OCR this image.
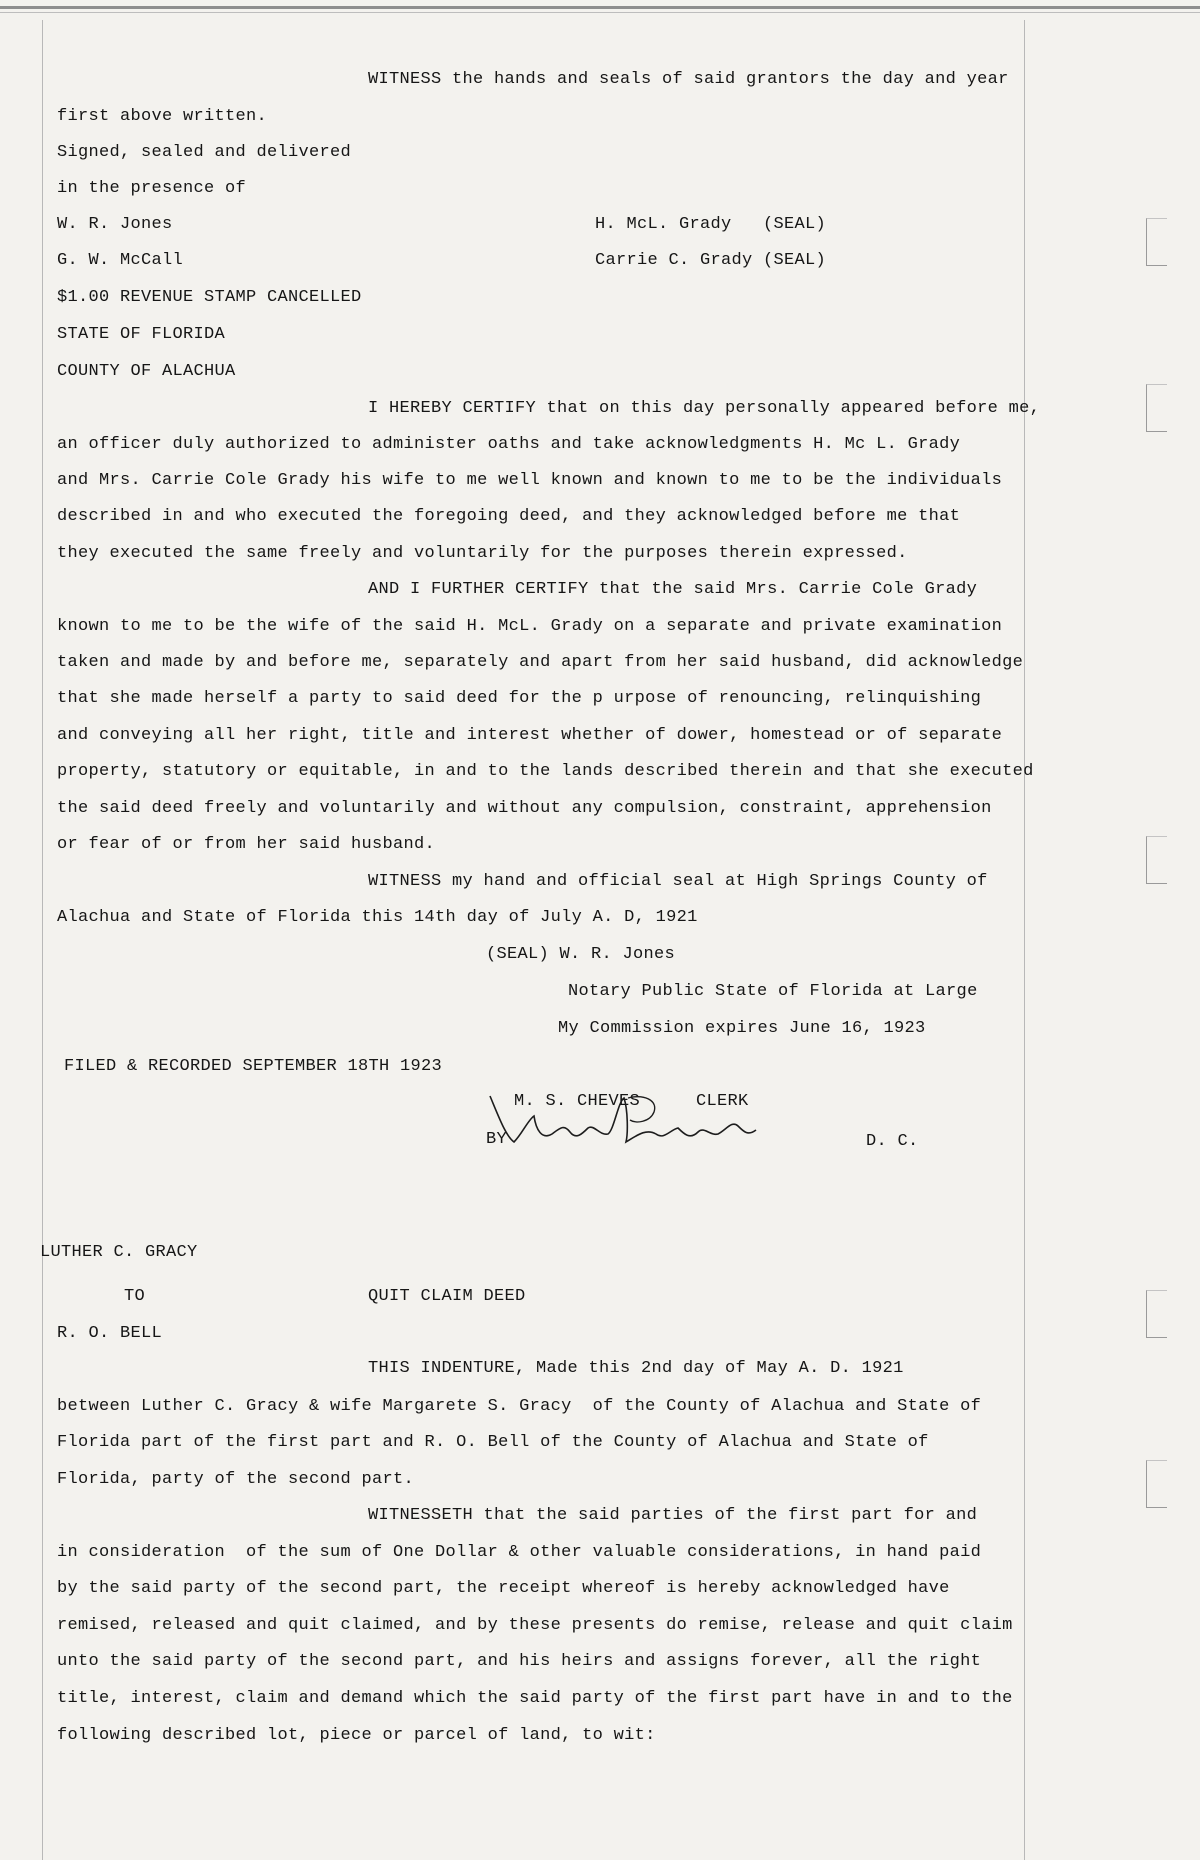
WITNESS the hands and seals of said grantors the day and year
first above written.
Signed, sealed and delivered
in the presence of
W. R. Jones	H. McL. Grady   (SEAL)
G. W. McCall	Carrie C. Grady (SEAL)
$1.00 REVENUE STAMP CANCELLED
STATE OF FLORIDA
COUNTY OF ALACHUA
I HEREBY CERTIFY that on this day personally appeared before me,
an officer duly authorized to administer oaths and take acknowledgments H. Mc L. Grady
and Mrs. Carrie Cole Grady his wife to me well known and known to me to be the individuals
described in and who executed the foregoing deed, and they acknowledged before me that
they executed the same freely and voluntarily for the purposes therein expressed.
AND I FURTHER CERTIFY that the said Mrs. Carrie Cole Grady
known to me to be the wife of the said H. McL. Grady on a separate and private examination
taken and made by and before me, separately and apart from her said husband, did acknowledge
that she made herself a party to said deed for the p urpose of renouncing, relinquishing
and conveying all her right, title and interest whether of dower, homestead or of separate
property, statutory or equitable, in and to the lands described therein and that she executed
the said deed freely and voluntarily and without any compulsion, constraint, apprehension
or fear of or from her said husband.
WITNESS my hand and official seal at High Springs County of
Alachua and State of Florida this 14th day of July A. D, 1921
(SEAL) W. R. Jones
Notary Public State of Florida at Large
My Commission expires June 16, 1923
FILED & RECORDED SEPTEMBER 18TH 1923
M. S. CHEVES	CLERK
BY	D. C.
LUTHER C. GRACY
TO	QUIT CLAIM DEED
R. O. BELL
THIS INDENTURE, Made this 2nd day of May A. D. 1921
between Luther C. Gracy & wife Margarete S. Gracy  of the County of Alachua and State of
Florida part of the first part and R. O. Bell of the County of Alachua and State of
Florida, party of the second part.
WITNESSETH that the said parties of the first part for and
in consideration  of the sum of One Dollar & other valuable considerations, in hand paid
by the said party of the second part, the receipt whereof is hereby acknowledged have
remised, released and quit claimed, and by these presents do remise, release and quit claim
unto the said party of the second part, and his heirs and assigns forever, all the right
title, interest, claim and demand which the said party of the first part have in and to the
following described lot, piece or parcel of land, to wit:
